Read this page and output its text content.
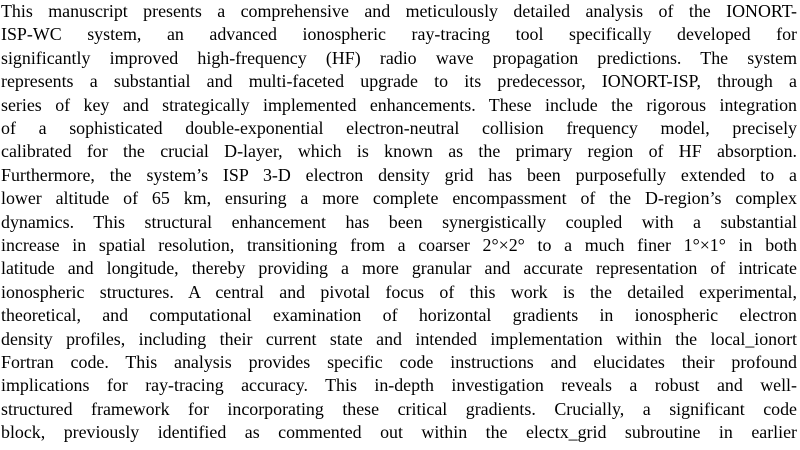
This manuscript presents a comprehensive and meticulously detailed analysis of the IONORT-
ISP-WC system, an advanced ionospheric ray-tracing tool specifically developed for
significantly improved high-frequency (HF) radio wave propagation predictions. The system
represents a substantial and multi-faceted upgrade to its predecessor, IONORT-ISP, through a
series of key and strategically implemented enhancements. These include the rigorous integration
of a sophisticated double-exponential electron-neutral collision frequency model, precisely
calibrated for the crucial D-layer, which is known as the primary region of HF absorption.
Furthermore, the system’s ISP 3-D electron density grid has been purposefully extended to a
lower altitude of 65 km, ensuring a more complete encompassment of the D-region’s complex
dynamics. This structural enhancement has been synergistically coupled with a substantial
increase in spatial resolution, transitioning from a coarser 2°×2° to a much finer 1°×1° in both
latitude and longitude, thereby providing a more granular and accurate representation of intricate
ionospheric structures. A central and pivotal focus of this work is the detailed experimental,
theoretical, and computational examination of horizontal gradients in ionospheric electron
density profiles, including their current state and intended implementation within the local_ionort
Fortran code. This analysis provides specific code instructions and elucidates their profound
implications for ray-tracing accuracy. This in-depth investigation reveals a robust and well-
structured framework for incorporating these critical gradients. Crucially, a significant code
block, previously identified as commented out within the electx_grid subroutine in earlier
